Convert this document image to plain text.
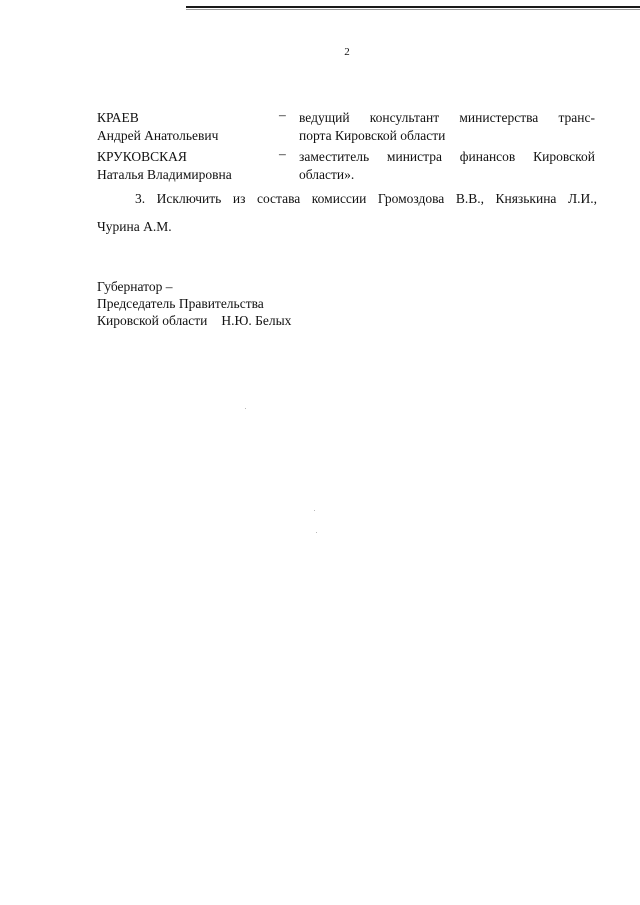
2
КРАЕВ
Андрей Анатольевич
– ведущий консультант министерства транс-
порта Кировской области
КРУКОВСКАЯ
Наталья Владимировна
– заместитель министра финансов Кировской
области».
3. Исключить из состава комиссии Громоздова В.В., Князькина Л.И.,
Чурина А.М.
Губернатор –
Председатель Правительства
Кировской области Н.Ю. Белых
